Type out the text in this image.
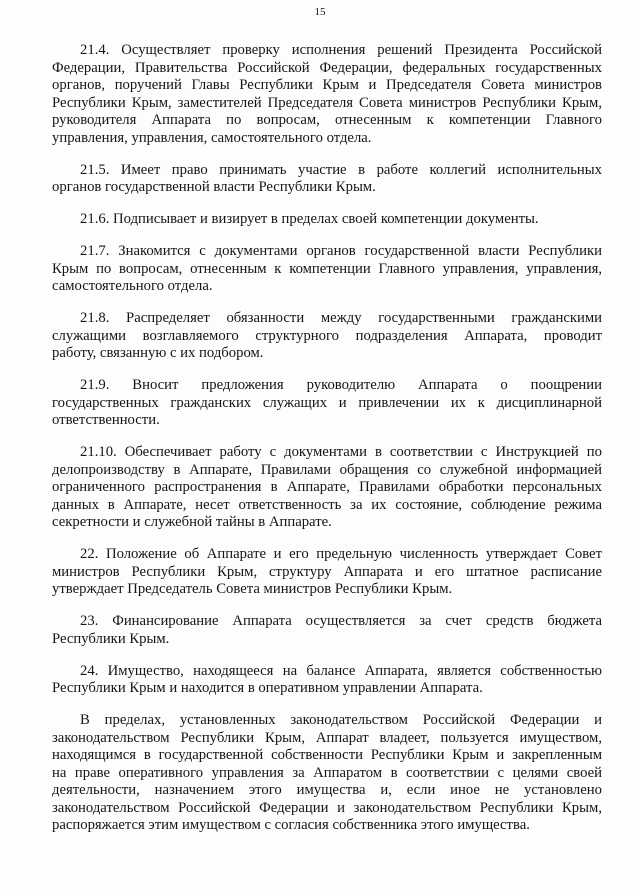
15
21.4. Осуществляет проверку исполнения решений Президента Российской
Федерации, Правительства Российской Федерации, федеральных государственных
органов, поручений Главы Республики Крым и Председателя Совета министров
Республики Крым, заместителей Председателя Совета министров Республики Крым,
руководителя Аппарата по вопросам, отнесенным к компетенции Главного
управления, управления, самостоятельного отдела.
21.5. Имеет право принимать участие в работе коллегий исполнительных
органов государственной власти Республики Крым.
21.6. Подписывает и визирует в пределах своей компетенции документы.
21.7. Знакомится с документами органов государственной власти Республики
Крым по вопросам, отнесенным к компетенции Главного управления, управления,
самостоятельного отдела.
21.8. Распределяет обязанности между государственными гражданскими
служащими возглавляемого структурного подразделения Аппарата, проводит
работу, связанную с их подбором.
21.9. Вносит предложения руководителю Аппарата о поощрении
государственных гражданских служащих и привлечении их к дисциплинарной
ответственности.
21.10. Обеспечивает работу с документами в соответствии с Инструкцией по
делопроизводству в Аппарате, Правилами обращения со служебной информацией
ограниченного распространения в Аппарате, Правилами обработки персональных
данных в Аппарате, несет ответственность за их состояние, соблюдение режима
секретности и служебной тайны в Аппарате.
22. Положение об Аппарате и его предельную численность утверждает Совет
министров Республики Крым, структуру Аппарата и его штатное расписание
утверждает Председатель Совета министров Республики Крым.
23. Финансирование Аппарата осуществляется за счет средств бюджета
Республики Крым.
24. Имущество, находящееся на балансе Аппарата, является собственностью
Республики Крым и находится в оперативном управлении Аппарата.
В пределах, установленных законодательством Российской Федерации и
законодательством Республики Крым, Аппарат владеет, пользуется имуществом,
находящимся в государственной собственности Республики Крым и закрепленным
на праве оперативного управления за Аппаратом в соответствии с целями своей
деятельности, назначением этого имущества и, если иное не установлено
законодательством Российской Федерации и законодательством Республики Крым,
распоряжается этим имуществом с согласия собственника этого имущества.
